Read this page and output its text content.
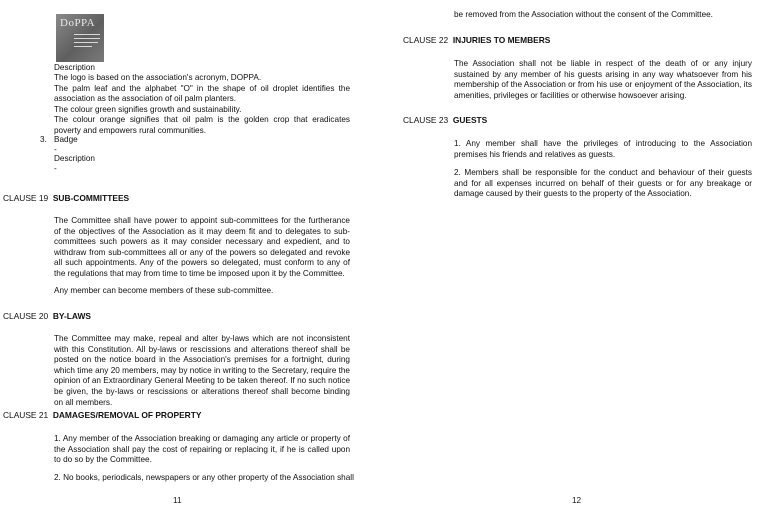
DoPPA

Description

The logo is based on the association's acronym, DOPPA.

The palm leaf and the alphabet "O" in the shape of oil droplet identifies the association as the association of oil palm planters.

The colour green signifies growth and sustainability.

The colour orange signifies that oil palm is the golden crop that eradicates poverty and empowers rural communities.

3. Badge
-
Description
-
CLAUSE 19 SUB-COMMITTEES

The Committee shall have power to appoint sub-committees for the furtherance of the objectives of the Association as it may deem fit and to delegates to sub-committees such powers as it may consider necessary and expedient, and to withdraw from sub-committees all or any of the powers so delegated and revoke all such appointments. Any of the powers so delegated, must conform to any of the regulations that may from time to time be imposed upon it by the Committee.

Any member can become members of these sub-committee.

CLAUSE 20 BY-LAWS

The Committee may make, repeal and alter by-laws which are not inconsistent with this Constitution. All by-laws or rescissions and alterations thereof shall be posted on the notice board in the Association's premises for a fortnight, during which time any 20 members, may by notice in writing to the Secretary, require the opinion of an Extraordinary General Meeting to be taken thereof. If no such notice be given, the by-laws or rescissions or alterations thereof shall become binding on all members.

CLAUSE 21 DAMAGES/REMOVAL OF PROPERTY

1. Any member of the Association breaking or damaging any article or property of the Association shall pay the cost of repairing or replacing it, if he is called upon to do so by the Committee.

2. No books, periodicals, newspapers or any other property of the Association shall

11

be removed from the Association without the consent of the Committee.

CLAUSE 22 INJURIES TO MEMBERS

The Association shall not be liable in respect of the death of or any injury sustained by any member of his guests arising in any way whatsoever from his membership of the Association or from his use or enjoyment of the Association, its amenities, privileges or facilities or otherwise howsoever arising.

CLAUSE 23 GUESTS

1. Any member shall have the privileges of introducing to the Association premises his friends and relatives as guests.

2. Members shall be responsible for the conduct and behaviour of their guests and for all expenses incurred on behalf of their guests or for any breakage or damage caused by their guests to the property of the Association.

12
